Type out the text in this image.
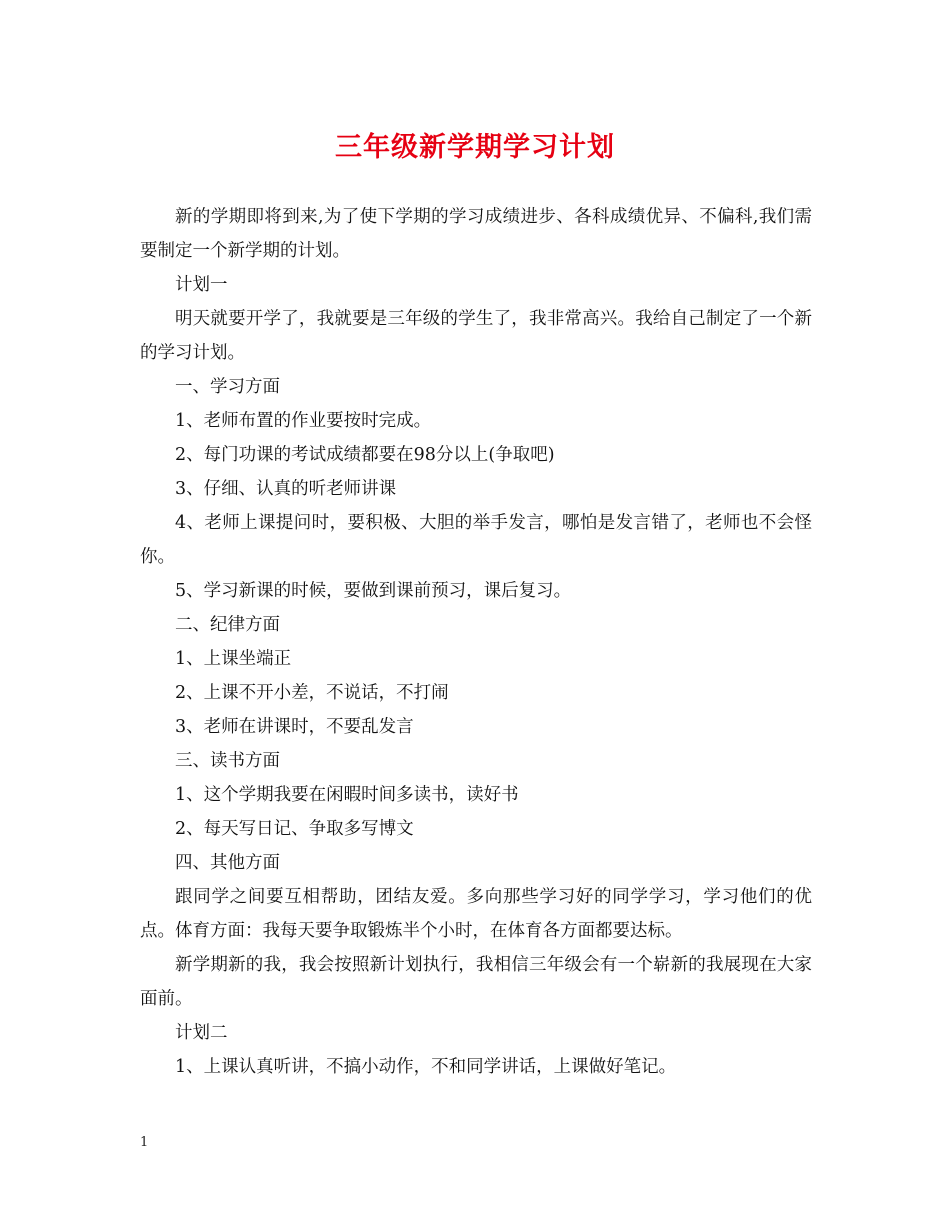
三年级新学期学习计划

新的学期即将到来,为了使下学期的学习成绩进步、各科成绩优异、不偏科,我们需要制定一个新学期的计划。

计划一

明天就要开学了，我就要是三年级的学生了，我非常高兴。我给自己制定了一个新的学习计划。

一、学习方面

1、老师布置的作业要按时完成。

2、每门功课的考试成绩都要在98分以上(争取吧)

3、仔细、认真的听老师讲课

4、老师上课提问时，要积极、大胆的举手发言，哪怕是发言错了，老师也不会怪你。

5、学习新课的时候，要做到课前预习，课后复习。

二、纪律方面

1、上课坐端正

2、上课不开小差，不说话，不打闹

3、老师在讲课时，不要乱发言

三、读书方面

1、这个学期我要在闲暇时间多读书，读好书

2、每天写日记、争取多写博文

四、其他方面

跟同学之间要互相帮助，团结友爱。多向那些学习好的同学学习，学习他们的优点。体育方面：我每天要争取锻炼半个小时，在体育各方面都要达标。

新学期新的我，我会按照新计划执行，我相信三年级会有一个崭新的我展现在大家面前。

计划二

1、上课认真听讲，不搞小动作，不和同学讲话，上课做好笔记。

1
